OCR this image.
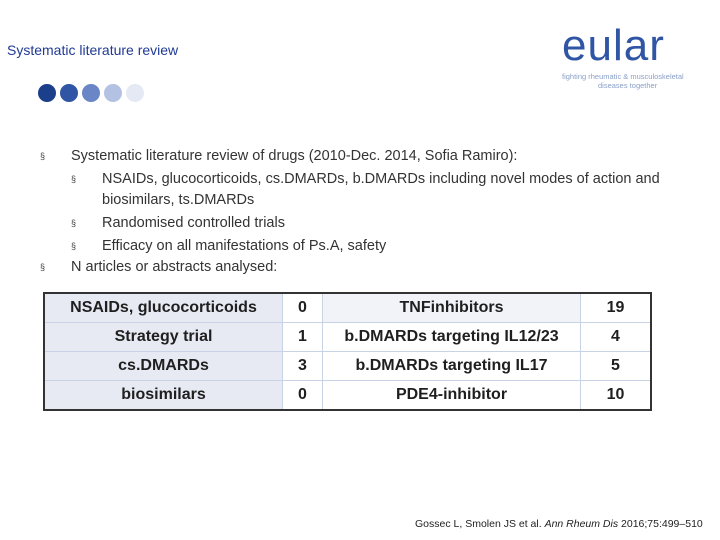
Systematic literature review	eular
fighting rheumatic & musculoskeletal
diseases together
§ Systematic literature review of drugs (2010-Dec. 2014, Sofia Ramiro):
§ NSAIDs, glucocorticoids, cs.DMARDs, b.DMARDs including novel modes of action and biosimilars, ts.DMARDs
§ Randomised controlled trials
§ Efficacy on all manifestations of Ps.A, safety
§ N articles or abstracts analysed:
NSAIDs, glucocorticoids	0	TNFinhibitors	19
Strategy trial	1	b.DMARDs targeting IL12/23	4
cs.DMARDs	3	b.DMARDs targeting IL17	5
biosimilars	0	PDE4-inhibitor	10
Gossec L, Smolen JS et al. Ann Rheum Dis 2016;75:499–510
